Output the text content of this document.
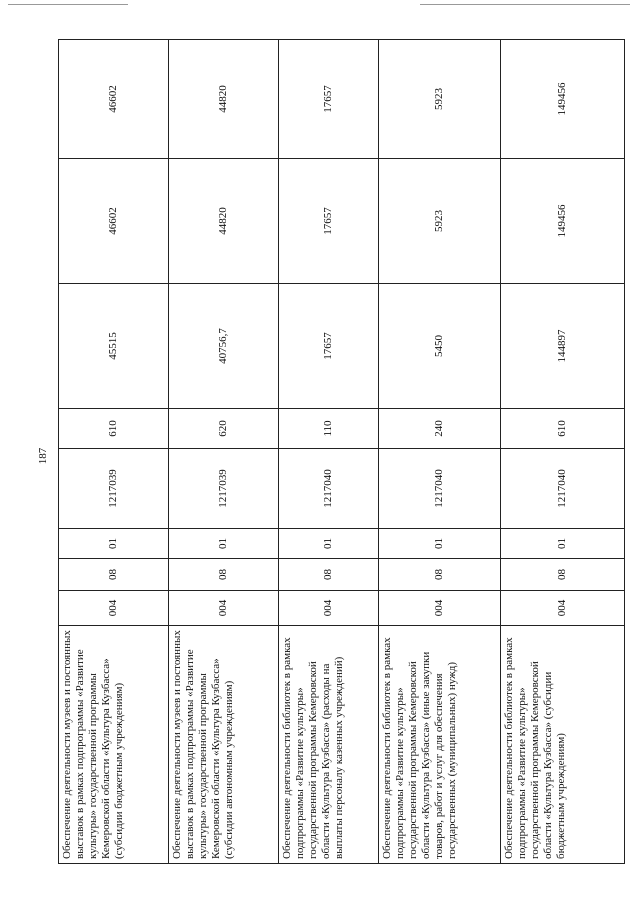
187
Обеспечение деятельности музеев и постоянных выставок в рамках подпрограммы «Развитие культуры» государственной программы Кемеровской области «Культура Кузбасса» (субсидии бюджетным учреждениям)	004	08	01	1217039	610	45515	46602	46602
Обеспечение деятельности музеев и постоянных выставок в рамках подпрограммы «Развитие культуры» государственной программы Кемеровской области «Культура Кузбасса» (субсидии автономным учреждениям)	004	08	01	1217039	620	40756,7	44820	44820
Обеспечение деятельности библиотек в рамках подпрограммы «Развитие культуры» государственной программы Кемеровской области «Культура Кузбасса» (расходы на выплаты персоналу казенных учреждений)	004	08	01	1217040	110	17657	17657	17657
Обеспечение деятельности библиотек в рамках подпрограммы «Развитие культуры» государственной программы Кемеровской области «Культура Кузбасса» (иные закупки товаров, работ и услуг для обеспечения государственных (муниципальных) нужд)	004	08	01	1217040	240	5450	5923	5923
Обеспечение деятельности библиотек в рамках подпрограммы «Развитие культуры» государственной программы Кемеровской области «Культура Кузбасса» (субсидии бюджетным учреждениям)	004	08	01	1217040	610	144897	149456	149456
